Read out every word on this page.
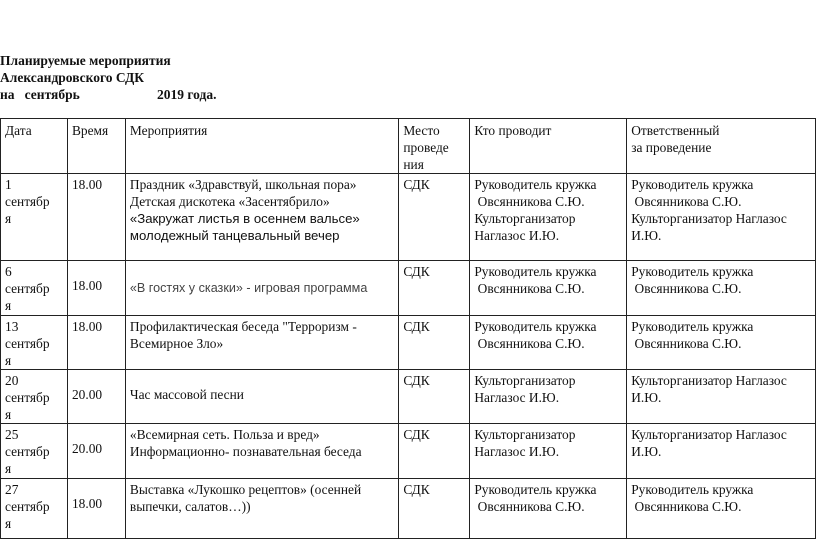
Планируемые мероприятия
Александровского СДК
на   сентябрь	2019 года.
Дата	Время	Мероприятия	Место
проведе
ния	Кто проводит	Ответственный
за проведение

1
сентябр
я	18.00	Праздник «Здравствуй, школьная пора»
Детская дискотека «Засентябрило»
«Закружат листья в осеннем вальсе»
молодежный танцевальный вечер	СДК	Руководитель кружка
Овсянникова С.Ю.
Культорганизатор
Наглазос И.Ю.	Руководитель кружка
Овсянникова С.Ю.
Культорганизатор Наглазос
И.Ю.

6
сентябр
я	18.00	«В гостях у сказки» - игровая программа	СДК	Руководитель кружка
Овсянникова С.Ю.	Руководитель кружка
Овсянникова С.Ю.

13
сентябр
я	18.00	Профилактическая беседа "Терроризм -
Всемирное Зло»	СДК	Руководитель кружка
Овсянникова С.Ю.	Руководитель кружка
Овсянникова С.Ю.

20
сентябр
я	20.00	Час массовой песни	СДК	Культорганизатор
Наглазос И.Ю.	Культорганизатор Наглазос
И.Ю.

25
сентябр
я	20.00	«Всемирная сеть. Польза и вред»
Информационно- познавательная беседа	СДК	Культорганизатор
Наглазос И.Ю.	Культорганизатор Наглазос
И.Ю.

27
сентябр
я	18.00	Выставка «Лукошко рецептов» (осенней
выпечки, салатов…))	СДК	Руководитель кружка
Овсянникова С.Ю.	Руководитель кружка
Овсянникова С.Ю.
